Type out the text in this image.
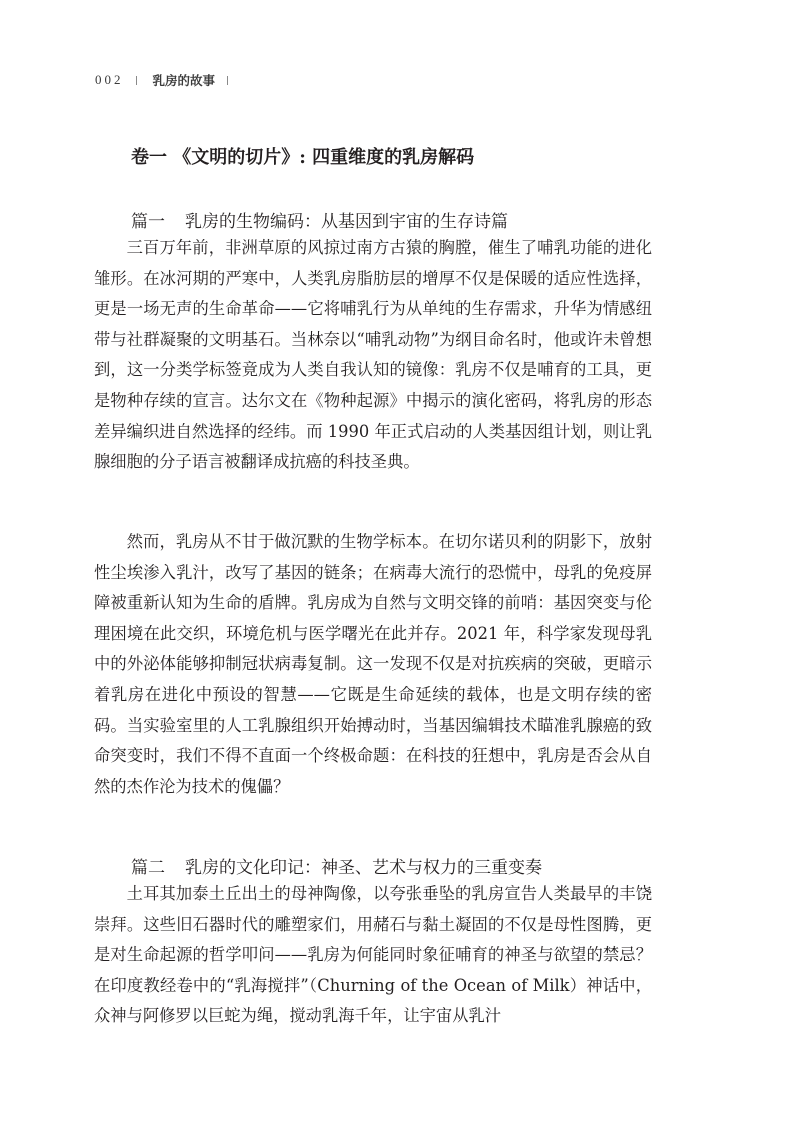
002 乳房的故事
卷一 《文明的切片》: 四重维度的乳房解码
篇一 乳房的生物编码：从基因到宇宙的生存诗篇

三百万年前，非洲草原的风掠过南方古猿的胸膛，催生了哺乳功能的进化雏形。在冰河期的严寒中，人类乳房脂肪层的增厚不仅是保暖的适应性选择，更是一场无声的生命革命——它将哺乳行为从单纯的生存需求，升华为情感纽带与社群凝聚的文明基石。当林奈以“哺乳动物”为纲目命名时，他或许未曾想到，这一分类学标签竟成为人类自我认知的镜像：乳房不仅是哺育的工具，更是物种存续的宣言。达尔文在《物种起源》中揭示的演化密码，将乳房的形态差异编织进自然选择的经纬。而 1990 年正式启动的人类基因组计划，则让乳腺细胞的分子语言被翻译成抗癌的科技圣典。

然而，乳房从不甘于做沉默的生物学标本。在切尔诺贝利的阴影下，放射性尘埃渗入乳汁，改写了基因的链条；在病毒大流行的恐慌中，母乳的免疫屏障被重新认知为生命的盾牌。乳房成为自然与文明交锋的前哨：基因突变与伦理困境在此交织，环境危机与医学曙光在此并存。2021 年，科学家发现母乳中的外泌体能够抑制冠状病毒复制。这一发现不仅是对抗疾病的突破，更暗示着乳房在进化中预设的智慧——它既是生命延续的载体，也是文明存续的密码。当实验室里的人工乳腺组织开始搏动时，当基因编辑技术瞄准乳腺癌的致命突变时，我们不得不直面一个终极命题：在科技的狂想中，乳房是否会从自然的杰作沦为技术的傀儡？

篇二 乳房的文化印记：神圣、艺术与权力的三重变奏

土耳其加泰土丘出土的母神陶像，以夸张垂坠的乳房宣告人类最早的丰饶崇拜。这些旧石器时代的雕塑家们，用赭石与黏土凝固的不仅是母性图腾，更是对生命起源的哲学叩问——乳房为何能同时象征哺育的神圣与欲望的禁忌？在印度教经卷中的“乳海搅拌”（Churning of the Ocean of Milk）神话中，众神与阿修罗以巨蛇为绳，搅动乳海千年，让宇宙从乳汁
